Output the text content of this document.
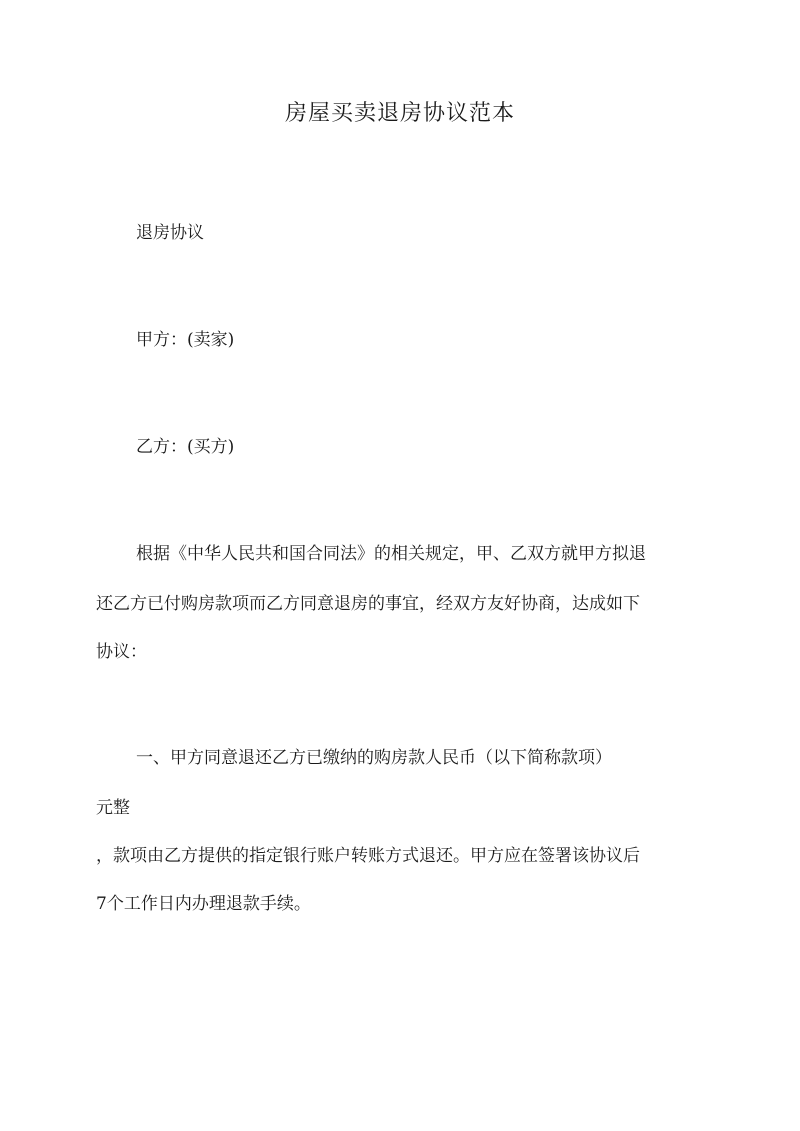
房屋买卖退房协议范本
退房协议
甲方：(卖家)
乙方：(买方)
根据《中华人民共和国合同法》的相关规定，甲、乙双方就甲方拟退
还乙方已付购房款项而乙方同意退房的事宜，经双方友好协商，达成如下
协议：
一、甲方同意退还乙方已缴纳的购房款人民币（以下简称款项）
元整
，款项由乙方提供的指定银行账户转账方式退还。甲方应在签署该协议后
7个工作日内办理退款手续。
